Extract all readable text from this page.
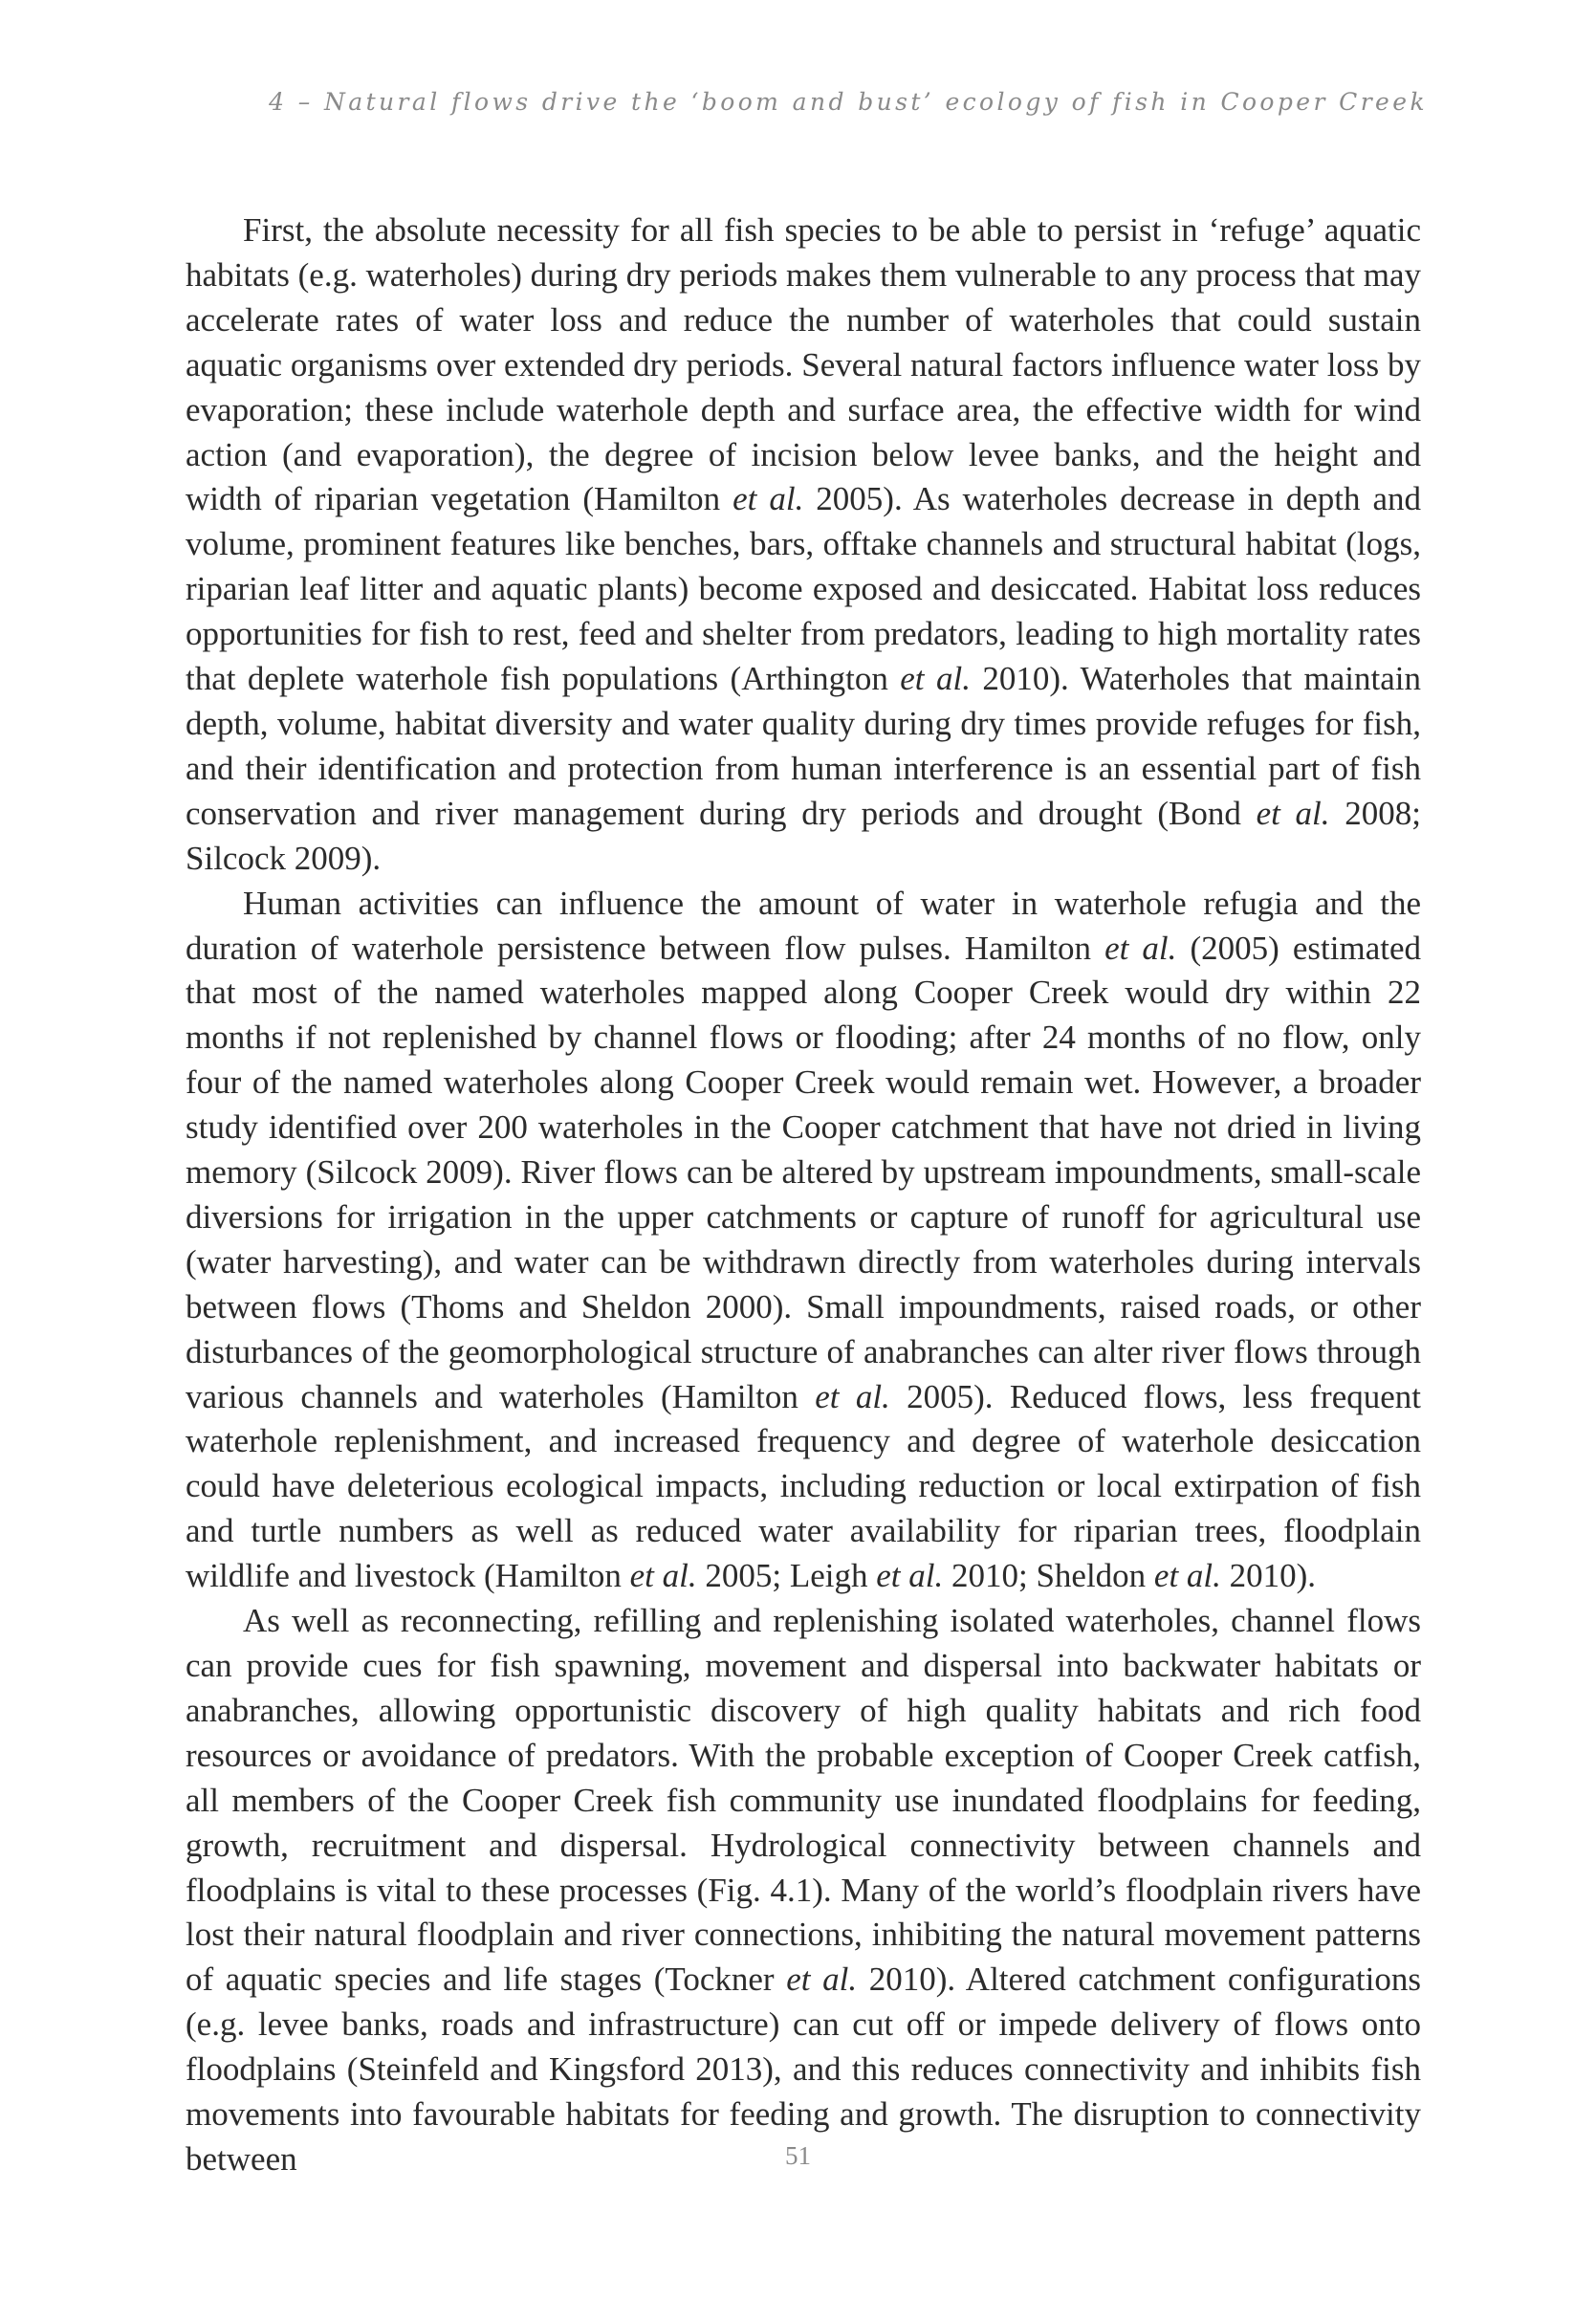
4 – Natural flows drive the ‘boom and bust’ ecology of fish in Cooper Creek

First, the absolute necessity for all fish species to be able to persist in ‘refuge’ aquatic habitats (e.g. waterholes) during dry periods makes them vulnerable to any process that may accelerate rates of water loss and reduce the number of waterholes that could sustain aquatic organisms over extended dry periods. Several natural factors influence water loss by evaporation; these include waterhole depth and surface area, the effective width for wind action (and evaporation), the degree of incision below levee banks, and the height and width of riparian vegetation (Hamilton et al. 2005). As waterholes decrease in depth and volume, prominent features like benches, bars, offtake channels and structural habitat (logs, riparian leaf litter and aquatic plants) become exposed and desiccated. Habitat loss reduces opportunities for fish to rest, feed and shelter from predators, leading to high mortality rates that deplete waterhole fish populations (Arthington et al. 2010). Waterholes that maintain depth, volume, habitat diversity and water quality during dry times provide refuges for fish, and their identification and protection from human interference is an essential part of fish conservation and river management during dry periods and drought (Bond et al. 2008; Silcock 2009).

Human activities can influence the amount of water in waterhole refugia and the duration of waterhole persistence between flow pulses. Hamilton et al. (2005) estimated that most of the named waterholes mapped along Cooper Creek would dry within 22 months if not replenished by channel flows or flooding; after 24 months of no flow, only four of the named waterholes along Cooper Creek would remain wet. However, a broader study identified over 200 waterholes in the Cooper catchment that have not dried in living memory (Silcock 2009). River flows can be altered by upstream impoundments, small-scale diversions for irrigation in the upper catchments or capture of runoff for agricultural use (water harvesting), and water can be withdrawn directly from waterholes during intervals between flows (Thoms and Sheldon 2000). Small impoundments, raised roads, or other disturbances of the geomorphological structure of anabranches can alter river flows through various channels and waterholes (Hamilton et al. 2005). Reduced flows, less frequent waterhole replenishment, and increased frequency and degree of waterhole desiccation could have deleterious ecological impacts, including reduction or local extirpation of fish and turtle numbers as well as reduced water availability for riparian trees, floodplain wildlife and livestock (Hamilton et al. 2005; Leigh et al. 2010; Sheldon et al. 2010).

As well as reconnecting, refilling and replenishing isolated waterholes, channel flows can provide cues for fish spawning, movement and dispersal into backwater habitats or anabranches, allowing opportunistic discovery of high quality habitats and rich food resources or avoidance of predators. With the probable exception of Cooper Creek catfish, all members of the Cooper Creek fish community use inundated floodplains for feeding, growth, recruitment and dispersal. Hydrological connectivity between channels and floodplains is vital to these processes (Fig. 4.1). Many of the world’s floodplain rivers have lost their natural floodplain and river connections, inhibiting the natural movement patterns of aquatic species and life stages (Tockner et al. 2010). Altered catchment configurations (e.g. levee banks, roads and infrastructure) can cut off or impede delivery of flows onto floodplains (Steinfeld and Kingsford 2013), and this reduces connectivity and inhibits fish movements into favourable habitats for feeding and growth. The disruption to connectivity between	51
